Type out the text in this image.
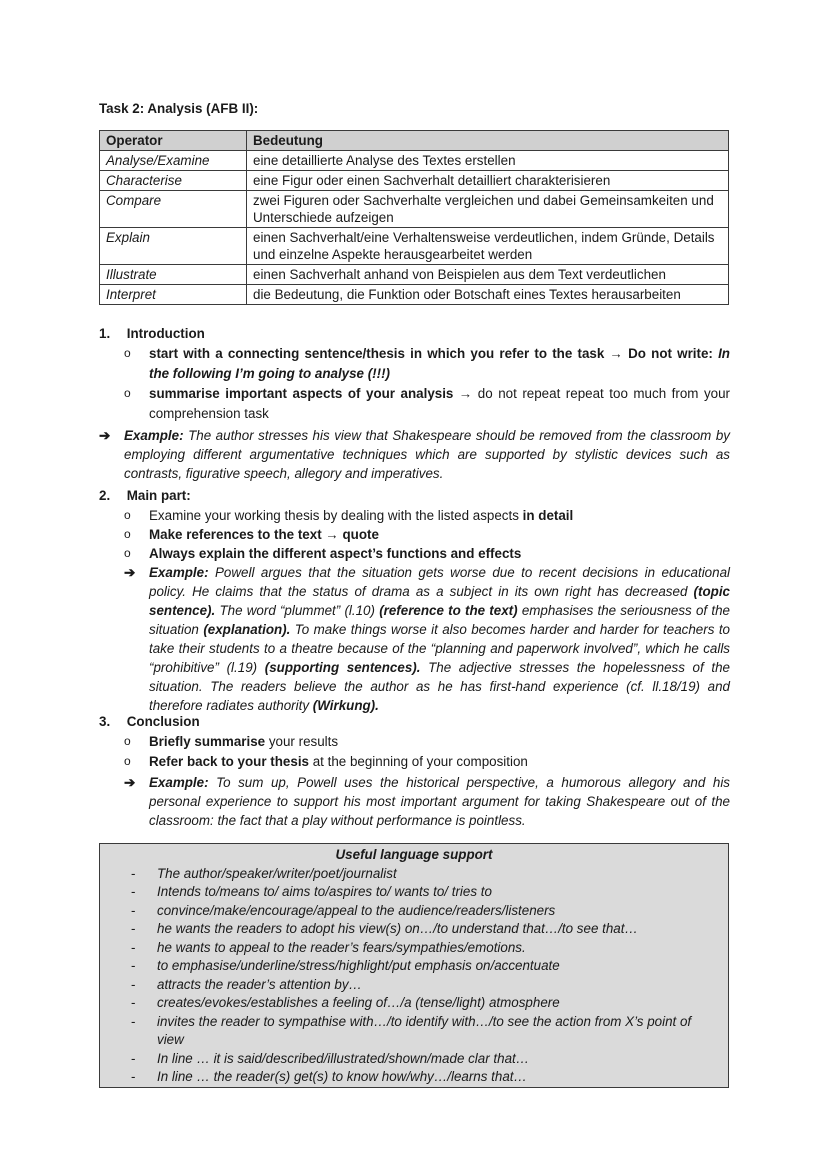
Task 2: Analysis (AFB II):
Operator	Bedeutung
Analyse/Examine	eine detaillierte Analyse des Textes erstellen
Characterise	eine Figur oder einen Sachverhalt detailliert charakterisieren
Compare	zwei Figuren oder Sachverhalte vergleichen und dabei Gemeinsamkeiten und Unterschiede aufzeigen
Explain	einen Sachverhalt/eine Verhaltensweise verdeutlichen, indem Gründe, Details und einzelne Aspekte herausgearbeitet werden
Illustrate	einen Sachverhalt anhand von Beispielen aus dem Text verdeutlichen
Interpret	die Bedeutung, die Funktion oder Botschaft eines Textes herausarbeiten
1. Introduction
o	start with a connecting sentence/thesis in which you refer to the task → Do not write: In the following I’m going to analyse (!!!)
o	summarise important aspects of your analysis → do not repeat repeat too much from your comprehension task
➔	Example: The author stresses his view that Shakespeare should be removed from the classroom by employing different argumentative techniques which are supported by stylistic devices such as contrasts, figurative speech, allegory and imperatives.
2. Main part:
o	Examine your working thesis by dealing with the listed aspects in detail
o	Make references to the text → quote
o	Always explain the different aspect’s functions and effects
➔	Example: Powell argues that the situation gets worse due to recent decisions in educational policy. He claims that the status of drama as a subject in its own right has decreased (topic sentence). The word “plummet” (l.10) (reference to the text) emphasises the seriousness of the situation (explanation). To make things worse it also becomes harder and harder for teachers to take their students to a theatre because of the “planning and paperwork involved”, which he calls “prohibitive” (l.19) (supporting sentences). The adjective stresses the hopelessness of the situation. The readers believe the author as he has first-hand experience (cf. ll.18/19) and therefore radiates authority (Wirkung).
3. Conclusion
o	Briefly summarise your results
o	Refer back to your thesis at the beginning of your composition
➔	Example: To sum up, Powell uses the historical perspective, a humorous allegory and his personal experience to support his most important argument for taking Shakespeare out of the classroom: the fact that a play without performance is pointless.
Useful language support
- The author/speaker/writer/poet/journalist
- Intends to/means to/ aims to/aspires to/ wants to/ tries to
- convince/make/encourage/appeal to the audience/readers/listeners
- he wants the readers to adopt his view(s) on…/to understand that…/to see that…
- he wants to appeal to the reader’s fears/sympathies/emotions.
- to emphasise/underline/stress/highlight/put emphasis on/accentuate
- attracts the reader’s attention by…
- creates/evokes/establishes a feeling of…/a (tense/light) atmosphere
- invites the reader to sympathise with…/to identify with…/to see the action from X’s point of view
- In line … it is said/described/illustrated/shown/made clar that…
- In line … the reader(s) get(s) to know how/why…/learns that…
